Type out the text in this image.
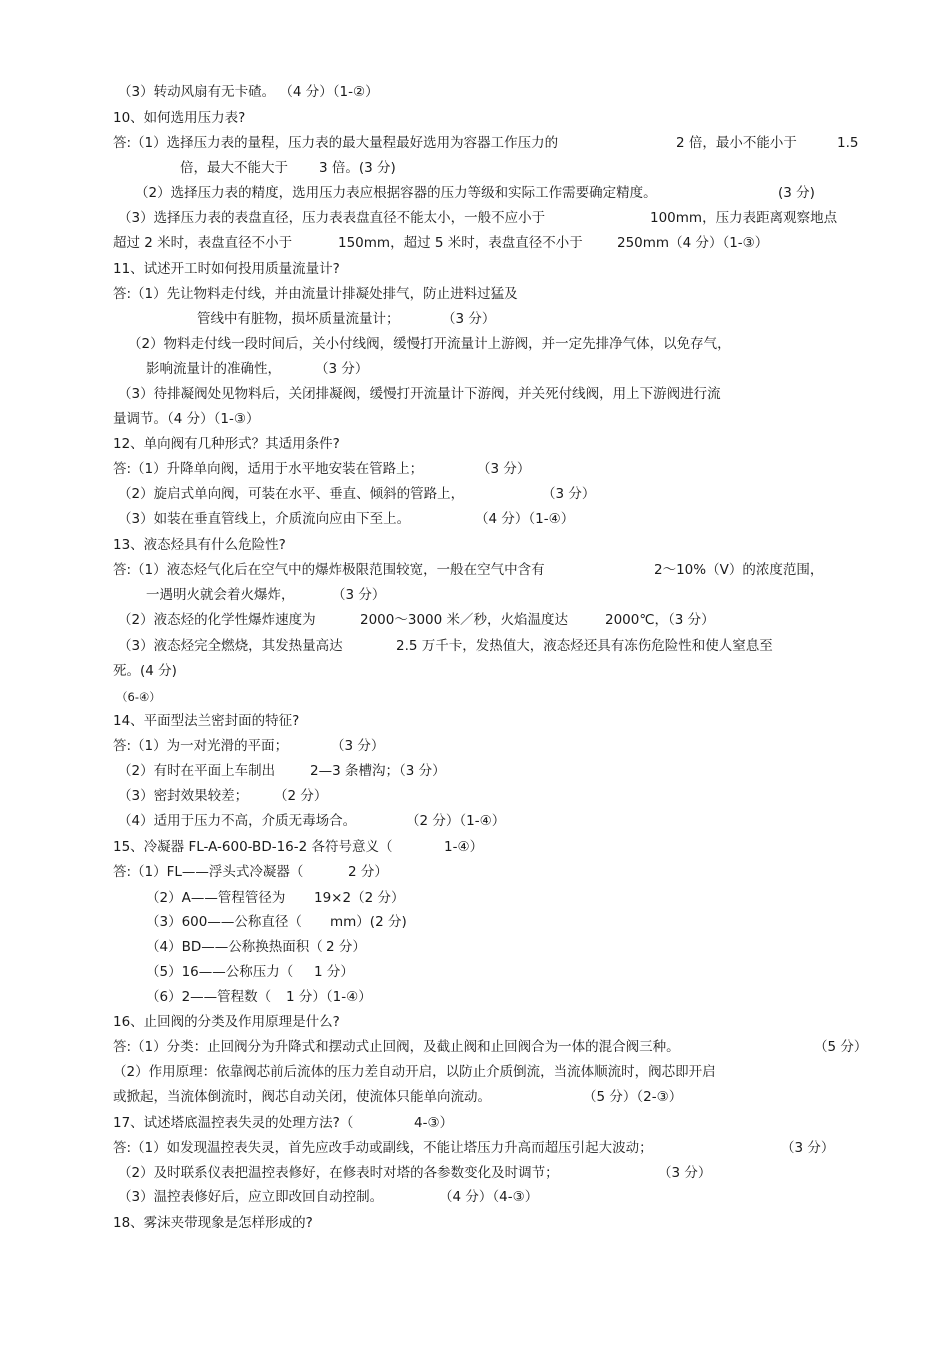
（3）转动风扇有无卡碴。 （4 分）（1-②）
10、如何选用压力表?
答:（1）选择压力表的量程，压力表的最大量程最好选用为容器工作压力的	2 倍，最小不能小于	1.5
倍，最大不能大于 3 倍。(3 分)
（2）选择压力表的精度，选用压力表应根据容器的压力等级和实际工作需要确定精度。	(3 分)
（3）选择压力表的表盘直径，压力表表盘直径不能太小，一般不应小于	100mm，压力表距离观察地点
超过 2 米时，表盘直径不小于	150mm，超过 5 米时，表盘直径不小于	250mm（4 分）（1-③）
11、试述开工时如何投用质量流量计?
答:（1）先让物料走付线，并由流量计排凝处排气，防止进料过猛及
管线中有脏物，损坏质量流量计；	（3 分）
（2）物料走付线一段时间后，关小付线阀，缓慢打开流量计上游阀，并一定先排净气体，以免存气，
影响流量计的准确性，	（3 分）
（3）待排凝阀处见物料后，关闭排凝阀，缓慢打开流量计下游阀，并关死付线阀，用上下游阀进行流
量调节。（4 分）（1-③）
12、单向阀有几种形式？其适用条件?
答:（1）升降单向阀，适用于水平地安装在管路上；	（3 分）
（2）旋启式单向阀，可装在水平、垂直、倾斜的管路上，	（3 分）
（3）如装在垂直管线上，介质流向应由下至上。	（4 分）（1-④）
13、液态烃具有什么危险性?
答:（1）液态烃气化后在空气中的爆炸极限范围较宽，一般在空气中含有	2～10%（V）的浓度范围，
一遇明火就会着火爆炸，	（3 分）
（2）液态烃的化学性爆炸速度为	2000～3000 米／秒，火焰温度达	2000℃，（3 分）
（3）液态烃完全燃烧，其发热量高达	2.5 万千卡，发热值大，液态烃还具有冻伤危险性和使人窒息至
死。(4 分)
（6-④）
14、平面型法兰密封面的特征?
答:（1）为一对光滑的平面；	（3 分）
（2）有时在平面上车制出	2—3 条槽沟；（3 分）
（3）密封效果较差； （2 分）
（4）适用于压力不高，介质无毒场合。	（2 分）（1-④）
15、冷凝器 FL-A-600-BD-16-2 各符号意义（	1-④）
答:（1）FL——浮头式冷凝器（	2 分）
（2）A——管程管径为 19×2（2 分）
（3）600——公称直径（ mm）(2 分)
（4）BD——公称换热面积（ 2 分）
（5）16——公称压力（ 1 分）
（6）2——管程数（ 1 分）（1-④）
16、止回阀的分类及作用原理是什么?
答:（1）分类：止回阀分为升降式和摆动式止回阀，及截止阀和止回阀合为一体的混合阀三种。	（5 分）
（2）作用原理：依靠阀芯前后流体的压力差自动开启，以防止介质倒流，当流体顺流时，阀芯即开启
或掀起，当流体倒流时，阀芯自动关闭，使流体只能单向流动。	（5 分）（2-③）
17、试述塔底温控表失灵的处理方法?（	4-③）
答:（1）如发现温控表失灵，首先应改手动或副线，不能让塔压力升高而超压引起大波动；	（3 分）
（2）及时联系仪表把温控表修好，在修表时对塔的各参数变化及时调节；	（3 分）
（3）温控表修好后，应立即改回自动控制。	（4 分）（4-③）
18、雾沫夹带现象是怎样形成的?
